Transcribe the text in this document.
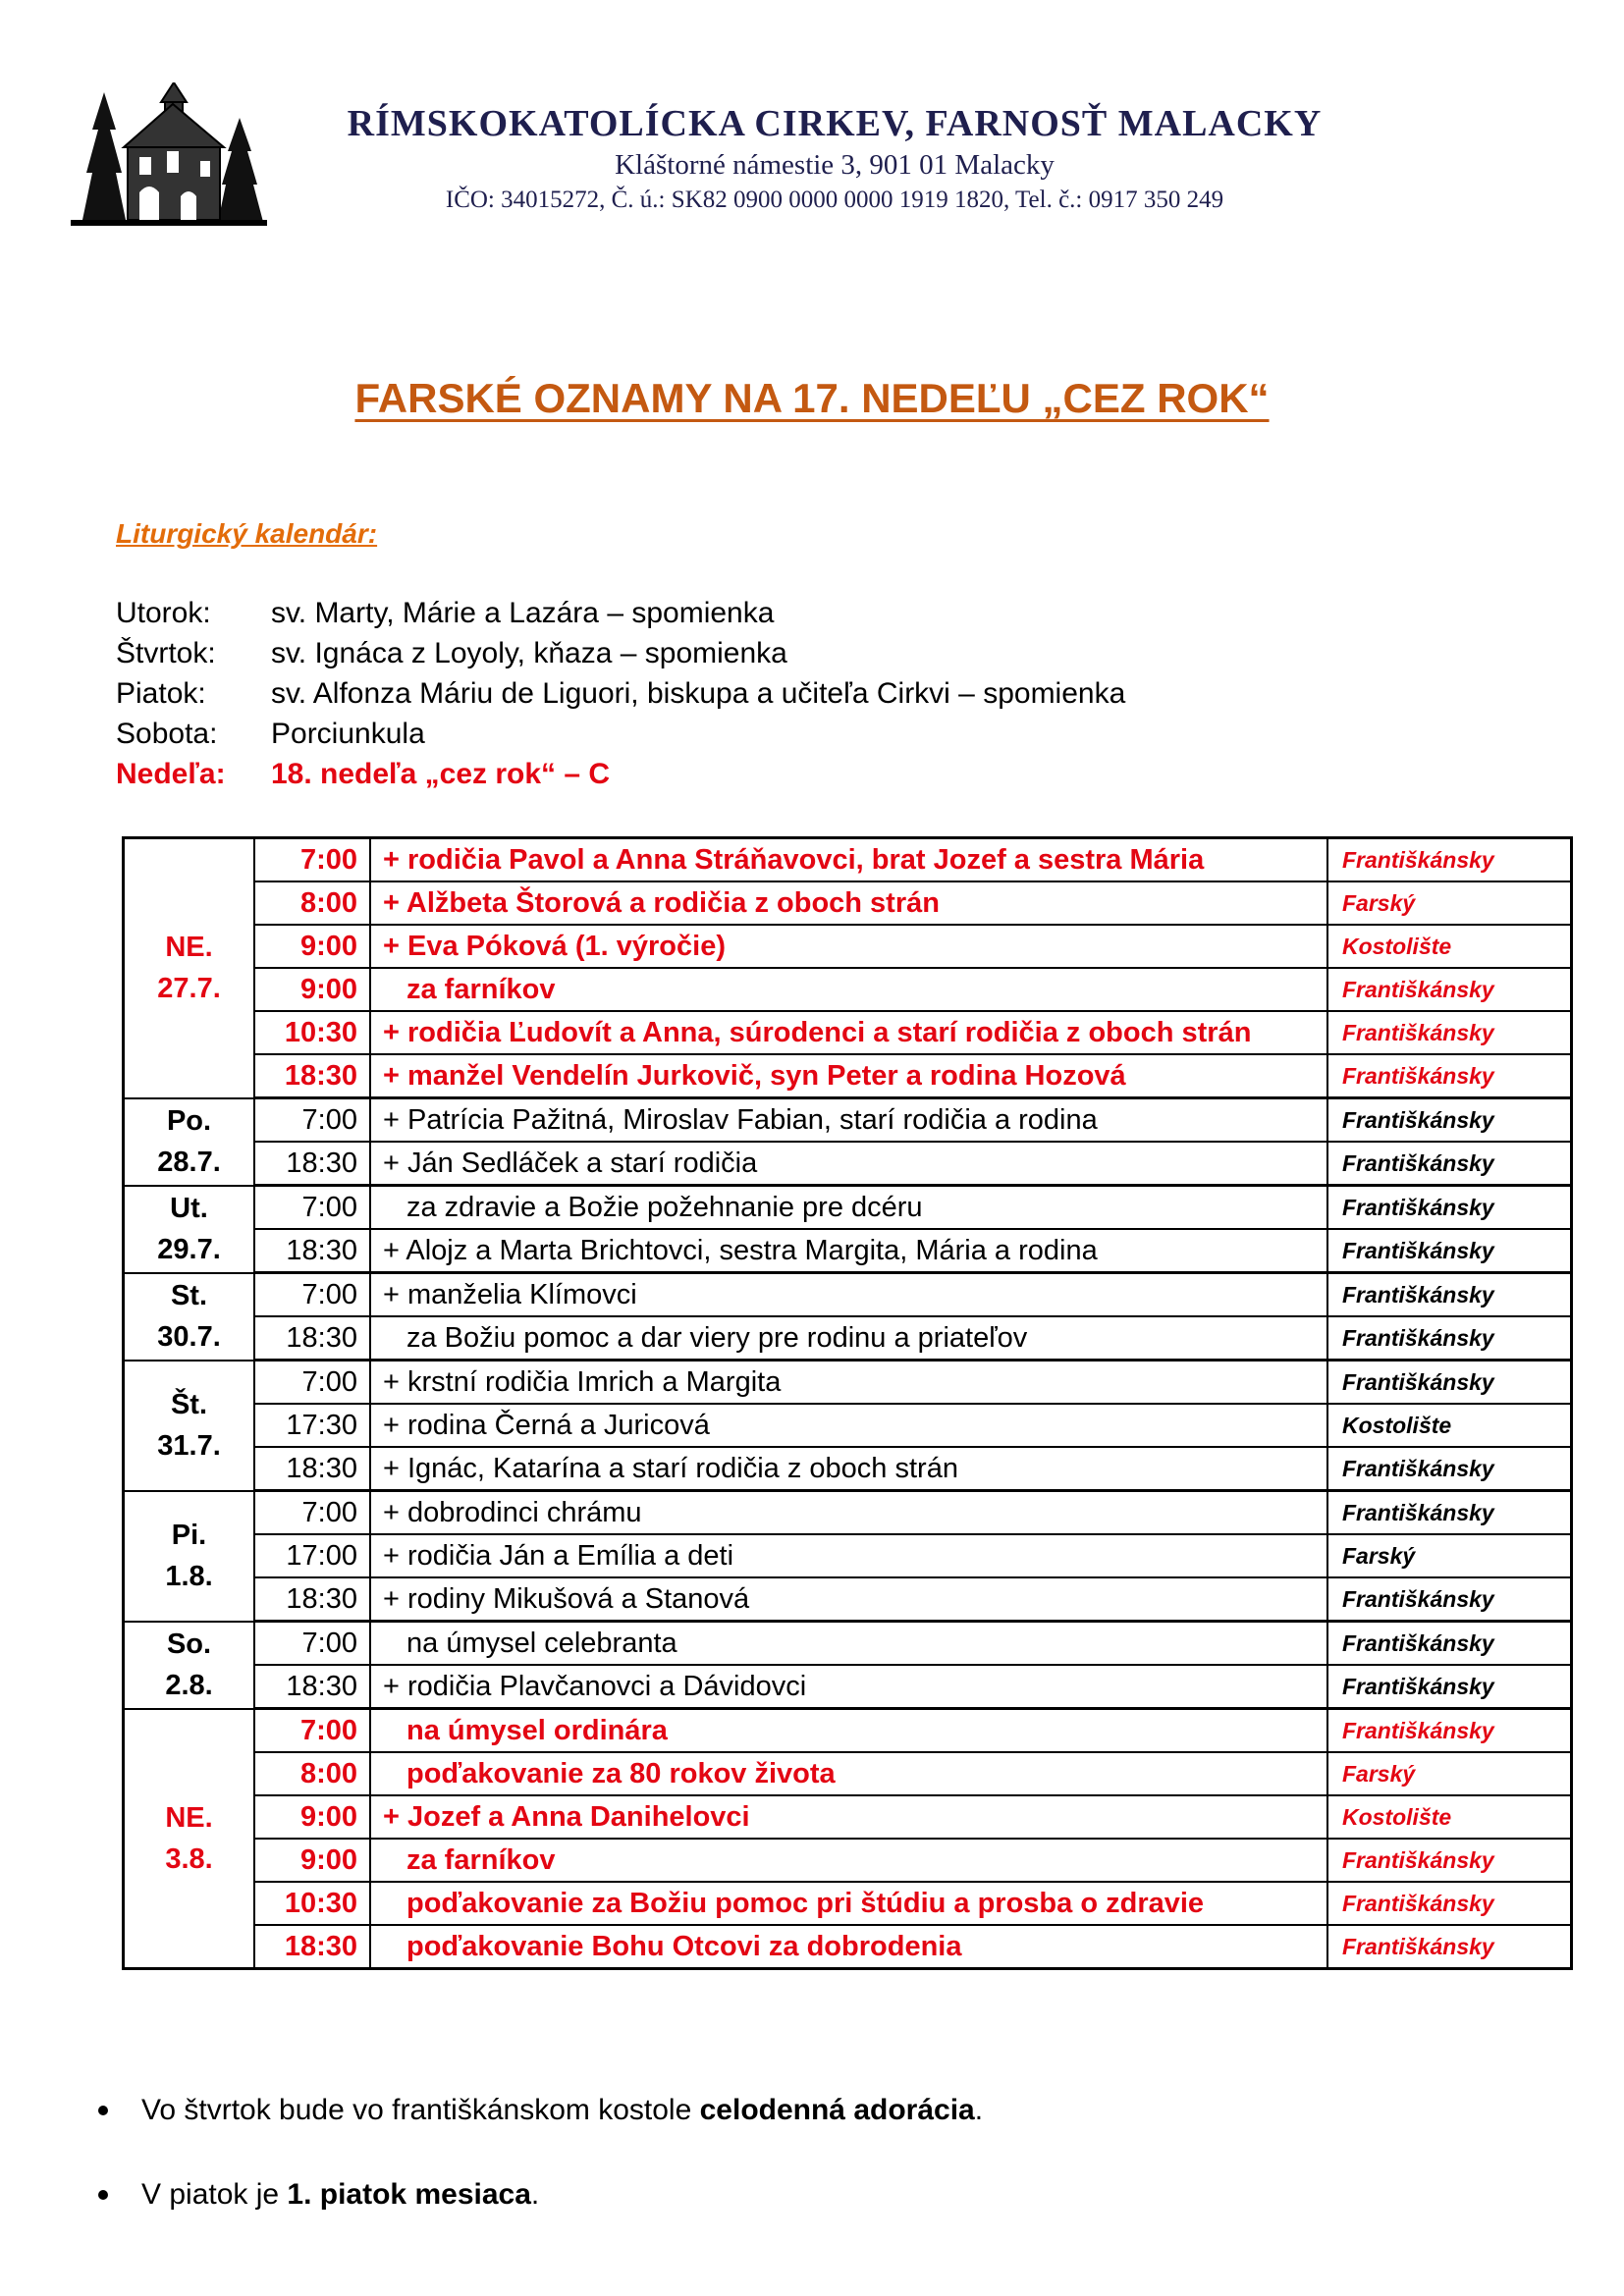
RÍMSKOKATOLÍCKA CIRKEV, FARNOSŤ MALACKY
Kláštorné námestie 3, 901 01 Malacky
IČO: 34015272, Č. ú.: SK82 0900 0000 0000 1919 1820, Tel. č.: 0917 350 249
FARSKÉ OZNAMY NA 17. NEDEĽU „CEZ ROK“
Liturgický kalendár:
Utorok:	sv. Marty, Márie a Lazára – spomienka
Štvrtok:	sv. Ignáca z Loyoly, kňaza – spomienka
Piatok:	sv. Alfonza Máriu de Liguori, biskupa a učiteľa Cirkvi – spomienka
Sobota:	Porciunkula
Nedeľa:	18. nedeľa „cez rok“ – C
NE.
27.7.	7:00	+ rodičia Pavol a Anna Stráňavovci, brat Jozef a sestra Mária	Františkánsky
	8:00	+ Alžbeta Štorová a rodičia z oboch strán	Farský
	9:00	+ Eva Póková (1. výročie)	Kostolište
	9:00	za farníkov	Františkánsky
	10:30	+ rodičia Ľudovít a Anna, súrodenci a starí rodičia z oboch strán	Františkánsky
	18:30	+ manžel Vendelín Jurkovič, syn Peter a rodina Hozová	Františkánsky

Po.
28.7.	7:00	+ Patrícia Pažitná, Miroslav Fabian, starí rodičia a rodina	Františkánsky
	18:30	+ Ján Sedláček a starí rodičia	Františkánsky

Ut.
29.7.	7:00	za zdravie a Božie požehnanie pre dcéru	Františkánsky
	18:30	+ Alojz a Marta Brichtovci, sestra Margita, Mária a rodina	Františkánsky

St.
30.7.	7:00	+ manželia Klímovci	Františkánsky
	18:30	za Božiu pomoc a dar viery pre rodinu a priateľov	Františkánsky

Št.
31.7.	7:00	+ krstní rodičia Imrich a Margita	Františkánsky
	17:30	+ rodina Černá a Juricová	Kostolište
	18:30	+ Ignác, Katarína a starí rodičia z oboch strán	Františkánsky

Pi.
1.8.	7:00	+ dobrodinci chrámu	Františkánsky
	17:00	+ rodičia Ján a Emília a deti	Farský
	18:30	+ rodiny Mikušová a Stanová	Františkánsky

So.
2.8.	7:00	na úmysel celebranta	Františkánsky
	18:30	+ rodičia Plavčanovci a Dávidovci	Františkánsky

NE.
3.8.	7:00	na úmysel ordinára	Františkánsky
	8:00	poďakovanie za 80 rokov života	Farský
	9:00	+ Jozef a Anna Danihelovci	Kostolište
	9:00	za farníkov	Františkánsky
	10:30	poďakovanie za Božiu pomoc pri štúdiu a prosba o zdravie	Františkánsky
	18:30	poďakovanie Bohu Otcovi za dobrodenia	Františkánsky
Vo štvrtok bude vo františkánskom kostole celodenná adorácia.
V piatok je 1. piatok mesiaca.
